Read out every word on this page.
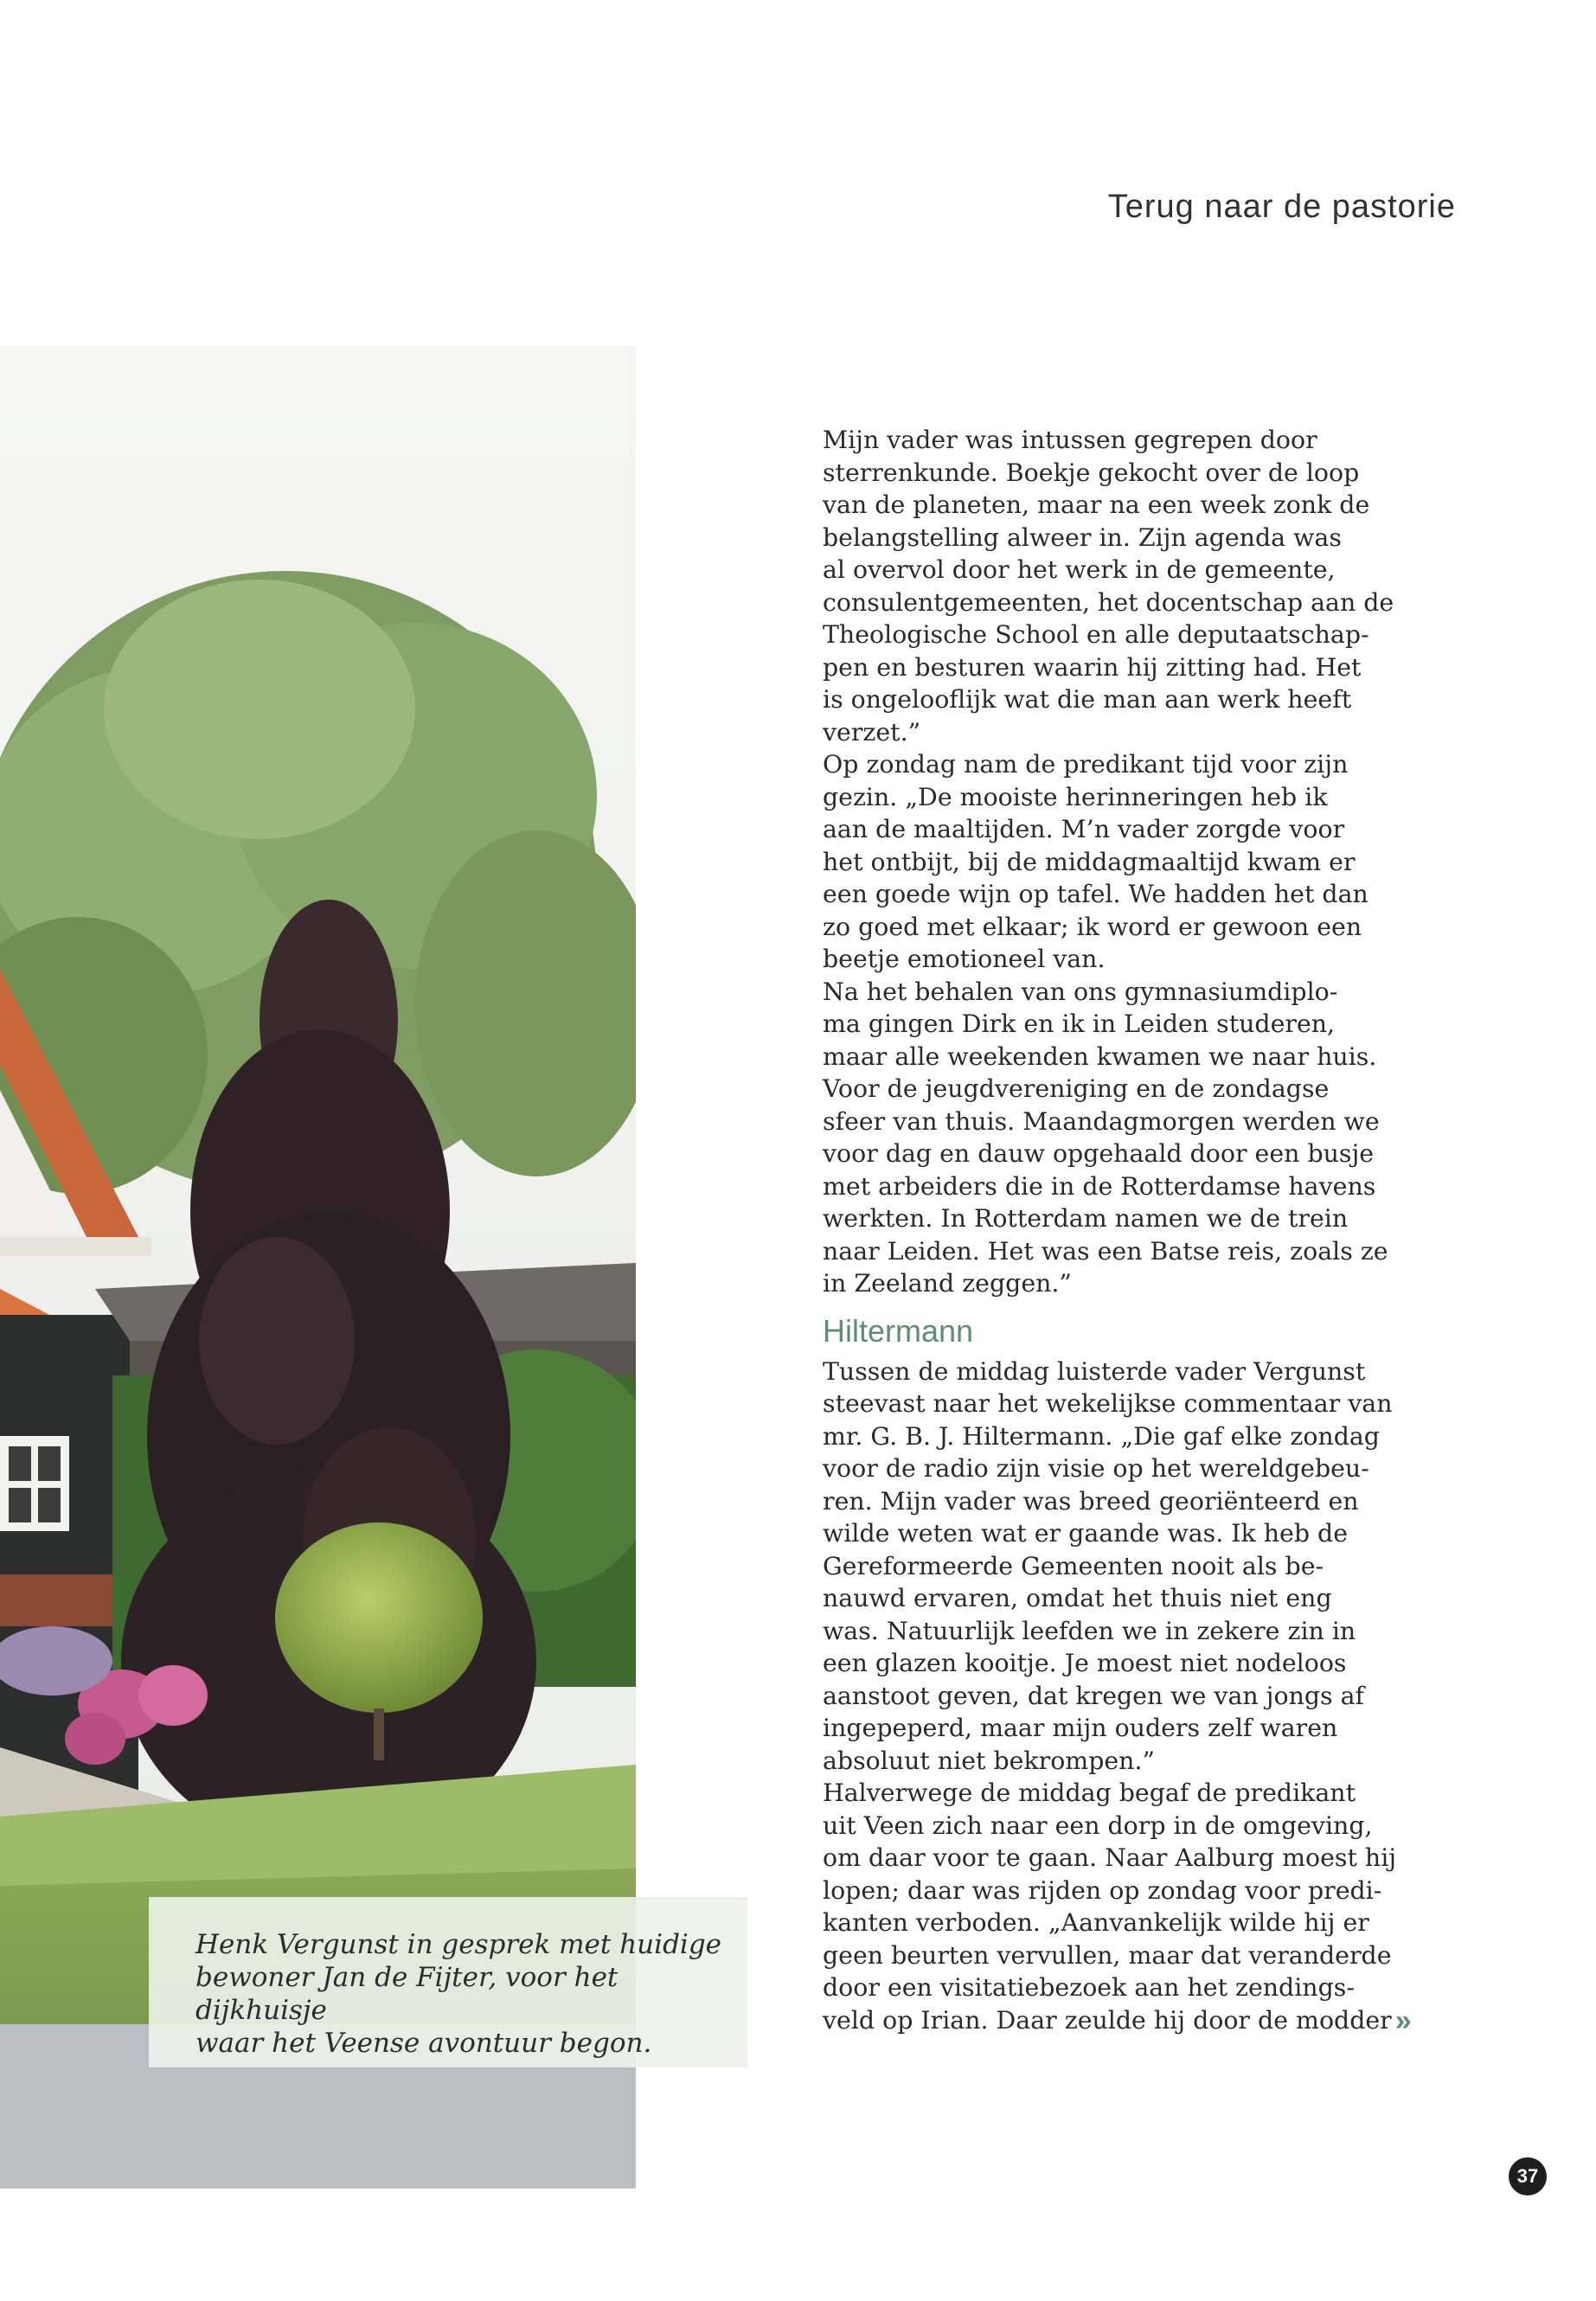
Terug naar de pastorie

Henk Vergunst in gesprek met huidige

bewoner Jan de Fijter, voor het dijkhuisje

waar het Veense avontuur begon.

Mijn vader was intussen gegrepen door
sterrenkunde. Boekje gekocht over de loop
van de planeten, maar na een week zonk de
belangstelling alweer in. Zijn agenda was
al overvol door het werk in de gemeente,
consulentgemeenten, het docentschap aan de
Theologische School en alle deputaatschap-
pen en besturen waarin hij zitting had. Het
is ongelooflijk wat die man aan werk heeft
verzet.”
Op zondag nam de predikant tijd voor zijn
gezin. „De mooiste herinneringen heb ik
aan de maaltijden. M’n vader zorgde voor
het ontbijt, bij de middagmaaltijd kwam er
een goede wijn op tafel. We hadden het dan
zo goed met elkaar; ik word er gewoon een
beetje emotioneel van.
Na het behalen van ons gymnasiumdiplo-
ma gingen Dirk en ik in Leiden studeren,
maar alle weekenden kwamen we naar huis.
Voor de jeugdvereniging en de zondagse
sfeer van thuis. Maandagmorgen werden we
voor dag en dauw opgehaald door een busje
met arbeiders die in de Rotterdamse havens
werkten. In Rotterdam namen we de trein
naar Leiden. Het was een Batse reis, zoals ze
in Zeeland zeggen.”
Hiltermann
Tussen de middag luisterde vader Vergunst
steevast naar het wekelijkse commentaar van
mr. G. B. J. Hiltermann. „Die gaf elke zondag
voor de radio zijn visie op het wereldgebeu-
ren. Mijn vader was breed georiënteerd en
wilde weten wat er gaande was. Ik heb de
Gereformeerde Gemeenten nooit als be-
nauwd ervaren, omdat het thuis niet eng
was. Natuurlijk leefden we in zekere zin in
een glazen kooitje. Je moest niet nodeloos
aanstoot geven, dat kregen we van jongs af
ingepeperd, maar mijn ouders zelf waren
absoluut niet bekrompen.”
Halverwege de middag begaf de predikant
uit Veen zich naar een dorp in de omgeving,
om daar voor te gaan. Naar Aalburg moest hij
lopen; daar was rijden op zondag voor predi-
kanten verboden. „Aanvankelijk wilde hij er
geen beurten vervullen, maar dat veranderde
door een visitatiebezoek aan het zendings-
veld op Irian. Daar zeulde hij door de modder »
37
